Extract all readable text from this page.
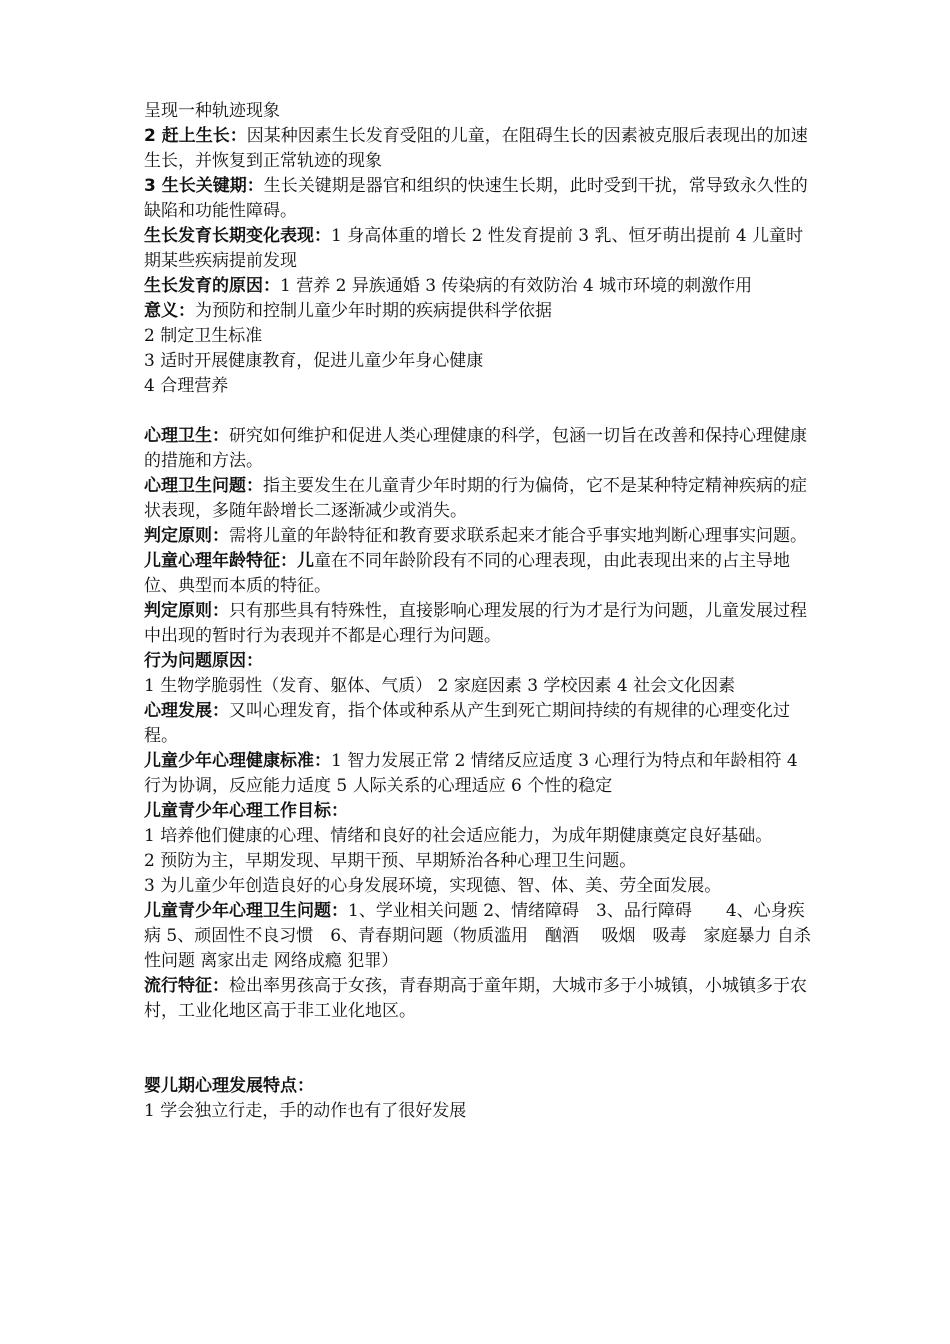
呈现一种轨迹现象

2 赶上生长：因某种因素生长发育受阻的儿童，在阻碍生长的因素被克服后表现出的加速生长，并恢复到正常轨迹的现象

3 生长关键期：生长关键期是器官和组织的快速生长期，此时受到干扰，常导致永久性的缺陷和功能性障碍。

生长发育长期变化表现：1 身高体重的增长 2 性发育提前 3 乳、恒牙萌出提前 4 儿童时期某些疾病提前发现

生长发育的原因：1 营养 2 异族通婚 3 传染病的有效防治 4 城市环境的刺激作用

意义：为预防和控制儿童少年时期的疾病提供科学依据

2 制定卫生标准

3 适时开展健康教育，促进儿童少年身心健康

4 合理营养

心理卫生：研究如何维护和促进人类心理健康的科学，包涵一切旨在改善和保持心理健康的措施和方法。

心理卫生问题：指主要发生在儿童青少年时期的行为偏倚，它不是某种特定精神疾病的症状表现，多随年龄增长二逐渐减少或消失。

判定原则：需将儿童的年龄特征和教育要求联系起来才能合乎事实地判断心理事实问题。

儿童心理年龄特征：儿童在不同年龄阶段有不同的心理表现，由此表现出来的占主导地位、典型而本质的特征。

判定原则：只有那些具有特殊性，直接影响心理发展的行为才是行为问题，儿童发展过程中出现的暂时行为表现并不都是心理行为问题。

行为问题原因：

1 生物学脆弱性（发育、躯体、气质） 2 家庭因素 3 学校因素 4 社会文化因素

心理发展：又叫心理发育，指个体或种系从产生到死亡期间持续的有规律的心理变化过程。

儿童少年心理健康标准：1 智力发展正常 2 情绪反应适度 3 心理行为特点和年龄相符 4 行为协调，反应能力适度 5 人际关系的心理适应 6 个性的稳定

儿童青少年心理工作目标：

1 培养他们健康的心理、情绪和良好的社会适应能力，为成年期健康奠定良好基础。

2 预防为主，早期发现、早期干预、早期矫治各种心理卫生问题。

3 为儿童少年创造良好的心身发展环境，实现德、智、体、美、劳全面发展。

儿童青少年心理卫生问题：1、学业相关问题 2、情绪障碍　3、品行障碍　　4、心身疾病 5、顽固性不良习惯　6、青春期问题（物质滥用　酗酒　 吸烟　吸毒　家庭暴力 自杀 性问题 离家出走 网络成瘾 犯罪）

流行特征：检出率男孩高于女孩，青春期高于童年期，大城市多于小城镇，小城镇多于农村，工业化地区高于非工业化地区。

婴儿期心理发展特点：

1 学会独立行走，手的动作也有了很好发展
